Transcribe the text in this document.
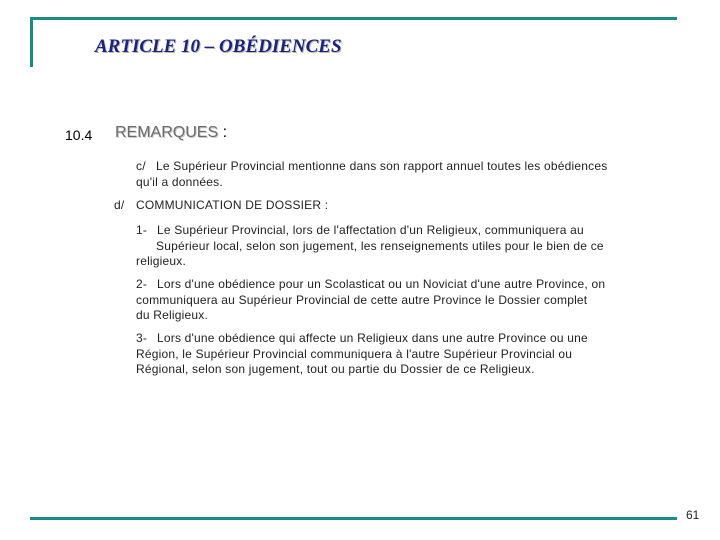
ARTICLE 10 – OBÉDIENCES
10.4 REMARQUES :
c/ Le Supérieur Provincial mentionne dans son rapport annuel toutes les obédiences
qu'il a données.
d/ COMMUNICATION DE DOSSIER :
1- Le Supérieur Provincial, lors de l'affectation d'un Religieux, communiquera au
Supérieur local, selon son jugement, les renseignements utiles pour le bien de ce
religieux.
2- Lors d'une obédience pour un Scolasticat ou un Noviciat d'une autre Province, on
communiquera au Supérieur Provincial de cette autre Province le Dossier complet
du Religieux.
3- Lors d'une obédience qui affecte un Religieux dans une autre Province ou une
Région, le Supérieur Provincial communiquera à l'autre Supérieur Provincial ou
Régional, selon son jugement, tout ou partie du Dossier de ce Religieux.
61
